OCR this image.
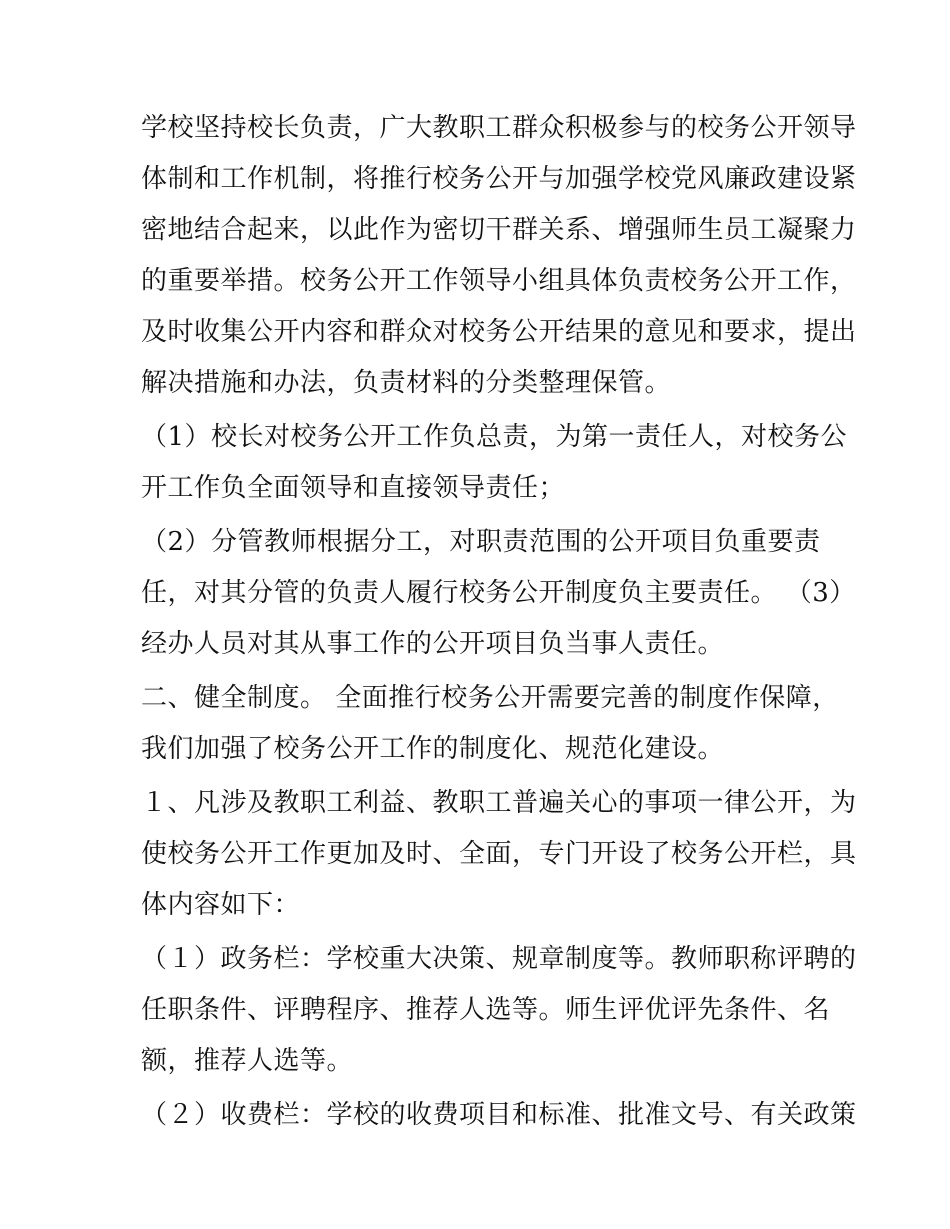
学校坚持校长负责，广大教职工群众积极参与的校务公开领导
体制和工作机制，将推行校务公开与加强学校党风廉政建设紧
密地结合起来，以此作为密切干群关系、增强师生员工凝聚力
的重要举措。校务公开工作领导小组具体负责校务公开工作，
及时收集公开内容和群众对校务公开结果的意见和要求，提出
解决措施和办法，负责材料的分类整理保管。
（1）校长对校务公开工作负总责，为第一责任人，对校务公
开工作负全面领导和直接领导责任；
（2）分管教师根据分工，对职责范围的公开项目负重要责
任，对其分管的负责人履行校务公开制度负主要责任。 （3）
经办人员对其从事工作的公开项目负当事人责任。
二、健全制度。 全面推行校务公开需要完善的制度作保障，
我们加强了校务公开工作的制度化、规范化建设。
１、凡涉及教职工利益、教职工普遍关心的事项一律公开，为
使校务公开工作更加及时、全面，专门开设了校务公开栏，具
体内容如下：
（１）政务栏：学校重大决策、规章制度等。教师职称评聘的
任职条件、评聘程序、推荐人选等。师生评优评先条件、名
额，推荐人选等。
（２）收费栏：学校的收费项目和标准、批准文号、有关政策
